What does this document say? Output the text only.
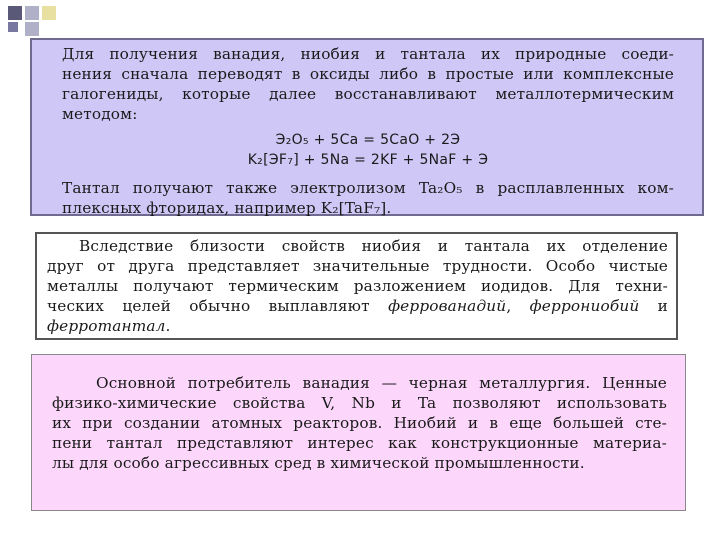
Для получения ванадия, ниобия и тантала их природные соеди-
нения сначала переводят в оксиды либо в простые или комплексные
галогениды, которые далее восстанавливают металлотермическим
методом:
Э₂O₅ + 5Ca = 5CaO + 2Э
K₂[ЭF₇] + 5Na = 2KF + 5NaF + Э
Тантал получают также электролизом Ta₂O₅ в расплавленных ком-
плексных фторидах, например K₂[TaF₇].
Вследствие близости свойств ниобия и тантала их отделение
друг от друга представляет значительные трудности. Особо чистые
металлы получают термическим разложением иодидов. Для техни-
ческих целей обычно выплавляют феррованадий, феррониобий и
ферротантал.
Основной потребитель ванадия — черная металлургия. Ценные
физико-химические свойства V, Nb и Ta позволяют использовать
их при создании атомных реакторов. Ниобий и в еще большей сте-
пени тантал представляют интерес как конструкционные материа-
лы для особо агрессивных сред в химической промышленности.
